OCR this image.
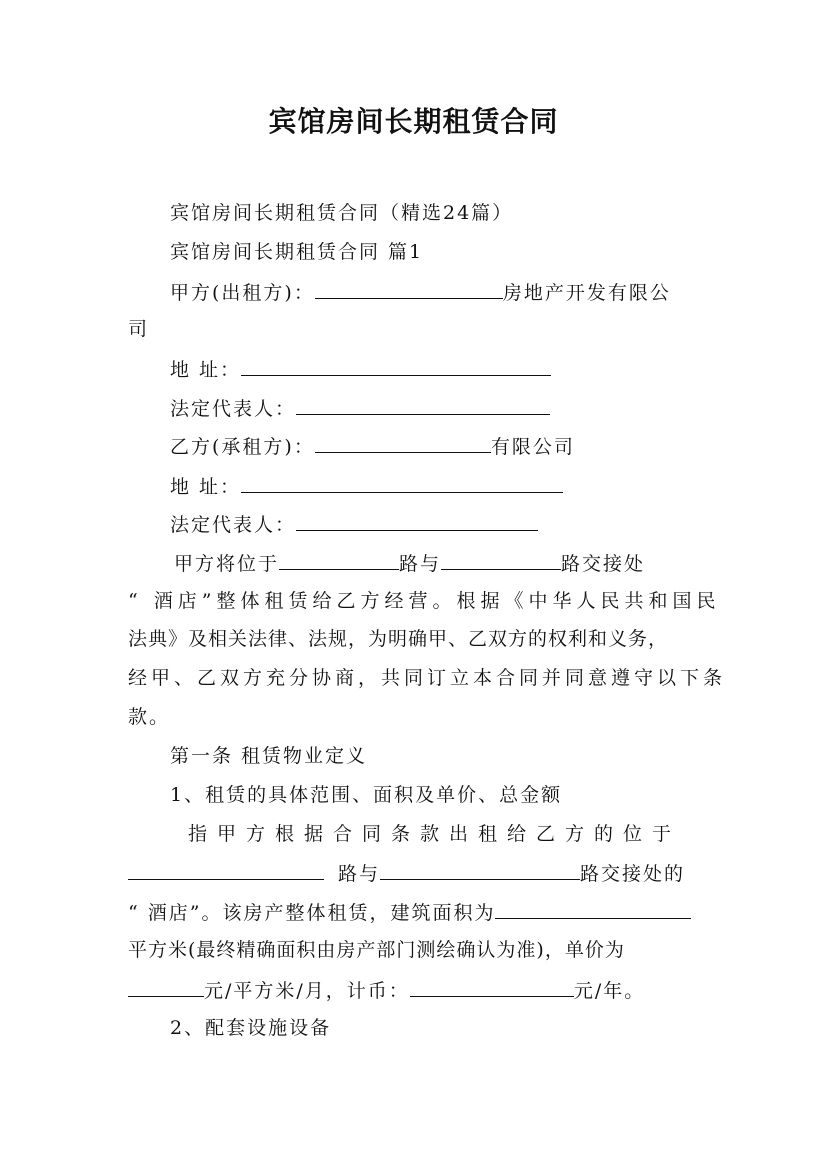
宾馆房间长期租赁合同
宾馆房间长期租赁合同（精选24篇）
宾馆房间长期租赁合同 篇1
甲方(出租方)：	房地产开发有限公
司
地 址：
法定代表人：
乙方(承租方)：	有限公司
地 址：
法定代表人：
甲方将位于	路与	路交接处
“ 酒店”整体租赁给乙方经营。根据《中华人民共和国民
法典》及相关法律、法规，为明确甲、乙双方的权利和义务，
经甲、乙双方充分协商，共同订立本合同并同意遵守以下条
款。
第一条 租赁物业定义
1、租赁的具体范围、面积及单价、总金额
指甲方根据合同条款出租给乙方的位于
路与	路交接处的
“ 酒店”。该房产整体租赁，建筑面积为
平方米(最终精确面积由房产部门测绘确认为准)，单价为
元/平方米/月，计币：	元/年。
2、配套设施设备
